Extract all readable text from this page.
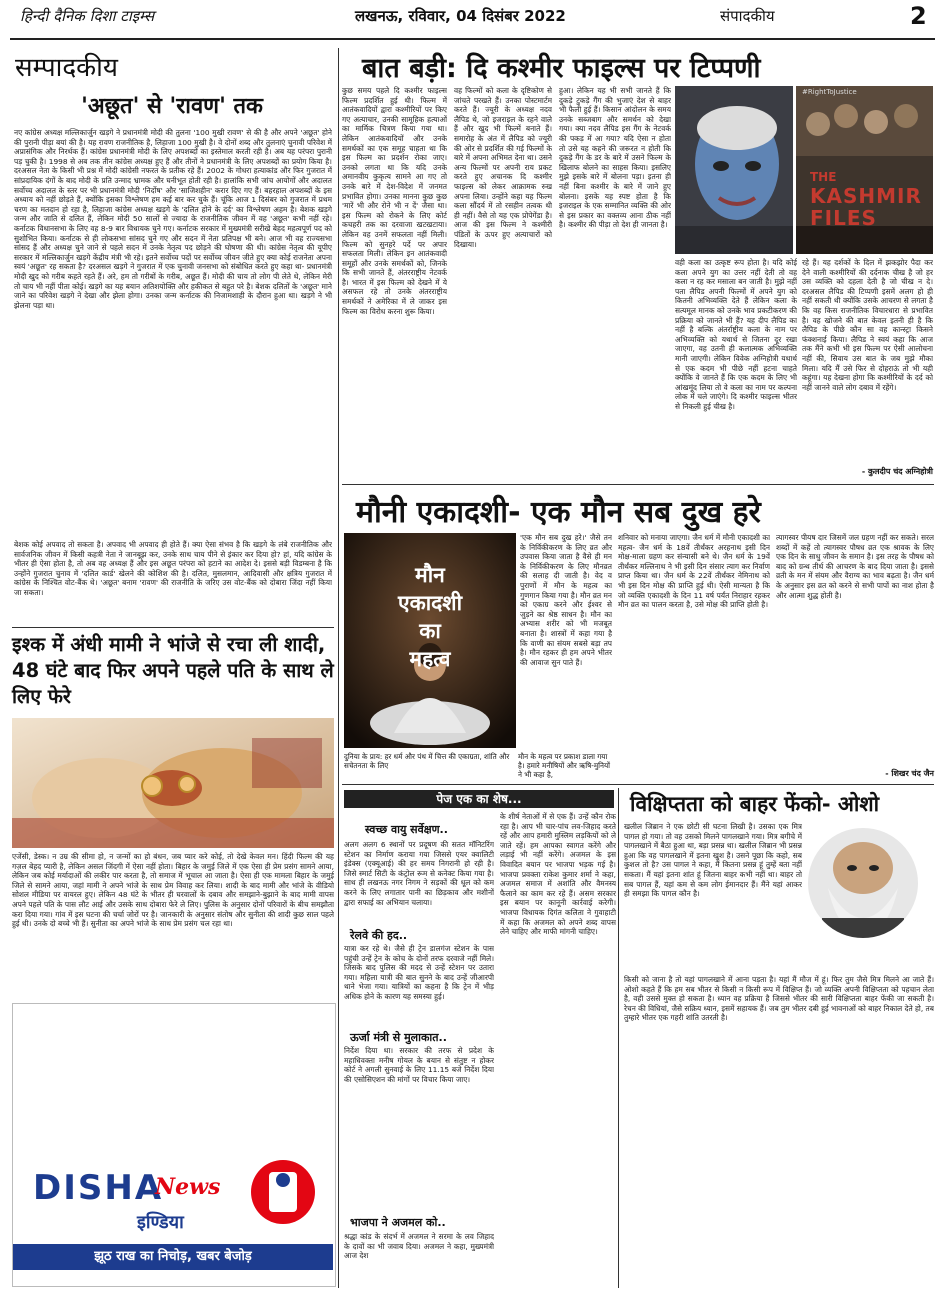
हिन्दी दैनिक दिशा टाइम्स	लखनऊ, रविवार, 04 दिसंबर 2022	संपादकीय	2
सम्पादकीय
'अछूत' से 'रावण' तक
नए कांग्रेस अध्यक्ष मल्लिकार्जुन खड़गे ने प्रधानमंत्री मोदी की तुलना '100 मुखी रावण' से की है और अपने 'अछूत' होने की पुरानी पीड़ा बयां की है। यह रावण राजनीतिक है, लिहाजा 100 मुखी है। वे दोनों शब्द और तुलनाएं चुनावी परिवेश में अप्रासंगिक और निरर्थक हैं। कांग्रेस प्रधानमंत्री मोदी के लिए अपशब्दों का इस्तेमाल करती रही है। अब यह परंपरा पुरानी पड़ चुकी है। 1998 से अब तक तीन कांग्रेस अध्यक्ष हुए हैं और तीनों ने प्रधानमंत्री के लिए अपशब्दों का प्रयोग किया है। दरअसल नेता के किसी भी प्रश्न में मोदी कांग्रेसी नफरत के प्रतीक रहे हैं। 2002 के गोधरा हत्याकांड और फिर गुजरात में सांप्रदायिक दंगों के बाद मोदी के प्रति उन्माद भ्रामक और घनीभूत होती रही है। हालांकि सभी जांच आयोगों और अदालत सर्वोच्च अदालत के स्तर पर भी प्रधानमंत्री मोदी 'निर्दोष' और 'साजिशहीन' करार दिए गए हैं। बहरहाल अपशब्दों के इस अध्याय को नहीं छोड़ते हैं, क्योंकि इसका विश्लेषण हम कई बार कर चुके हैं। चूंकि आज 1 दिसंबर को गुजरात में प्रथम चरण का मतदान हो रहा है, लिहाजा कांग्रेस अध्यक्ष खड़गे के 'दलित होने के दर्द' का विश्लेषण अहम है। बेशक खड़गे जन्म और जाति से दलित हैं, लेकिन मोदी 50 सालों से ज्यादा के राजनीतिक जीवन में वह 'अछूत' कभी नहीं रहे। कर्नाटक विधानसभा के लिए वह 8-9 बार विधायक चुने गए। कर्नाटक सरकार में मुख्यमंत्री सरीखे बेहद महत्वपूर्ण पद को सुशोभित किया। कर्नाटक से ही लोकसभा सांसद चुने गए और सदन में नेता प्रतिपक्ष भी बने। आज भी वह राज्यसभा सांसद हैं और अध्यक्ष चुने जाने से पहले सदन में उनके नेतृत्व पद छोड़ने की घोषणा की थी। कांग्रेस नेतृत्व की यूपीए सरकार में मल्लिकार्जुन खड़गे केंद्रीय मंत्री भी रहे। इतने सर्वोच्च पदों पर सर्वोच्च जीवन जीते हुए क्या कोई राजनेता अपना स्वयं 'अछूत' रह सकता है? दरअसल खड़गे ने गुजरात में एक चुनावी जनसभा को संबोधित करते हुए कहा था- प्रधानमंत्री मोदी खुद को गरीब कहते रहते हैं। अरे, हम तो गरीबों के गरीब, अछूत हैं। मोदी की चाय तो लोग पी लेते थे, लेकिन मेरी तो चाय भी नहीं पीता कोई। खड़गे का यह बयान अतिशयोक्ति और हकीकत से बहुत परे है। बेशक दलितों के 'अछूत' माने जाने का परिवेश खड़गे ने देखा और झेला होगा। उनका जन्म कर्नाटक की निजामशाही के दौरान हुआ था। खड़गे ने भी झेलना पड़ा था।
बेशक कोई अपवाद तो सकता है। अपवाद भी अपवाद ही होते हैं। क्या ऐसा संभव है कि खड़गे के लंबे राजनीतिक और सार्वजनिक जीवन में किसी कहत्री नेता ने जानबूझ कर, उनके साथ चाय पीने से इंकार कर दिया हो? हां, यदि कांग्रेस के भीतर ही ऐसा होता है, तो अब वह अध्यक्ष हैं और इस अछूत परंपरा को हटाने का आदेश दे। इससे बड़ी विडम्बना है कि उन्होंने गुजरात चुनाव में 'दलित कार्ड' खेलने की कोशिश की है। दलित, मुसलमान, आदिवासी और क्षत्रिय गुजरात में कांग्रेस के निश्चित वोट-बैंक थे। 'अछूत' बनाम 'रावण' की राजनीति के जरिए उस वोट-बैंक को दोबारा जिंदा नहीं किया जा सकता।
इश्क में अंधी मामी ने भांजे से रचा ली शादी, 48 घंटे बाद फिर अपने पहले पति के साथ ले लिए फेरे
एजेंसी, डेस्क। न उम्र की सीमा हो, न जन्मों का हो बंधन, जब प्यार करे कोई, तो देखे केवल मन। हिंदी फिल्म की यह गज़ल बेहद प्यारी है, लेकिन असल जिंदगी में ऐसा नहीं होता। बिहार के जमुई जिले में एक ऐसा ही प्रेम प्रसंग सामने आया, लेकिन जब कोई मर्यादाओं की लकीर पार करता है, तो समाज में भूचाल आ जाता है। ऐसा ही एक मामला बिहार के जमुई जिले से सामने आया, जहां मामी ने अपने भांजे के साथ प्रेम विवाह कर लिया। शादी के बाद मामी और भांजे के वीडियो सोशल मीडिया पर वायरल हुए। लेकिन 48 घंटे के भीतर ही घरवालों के दबाव और समझाने-बुझाने के बाद मामी वापस अपने पहले पति के पास लौट आई और उसके साथ दोबारा फेरे ले लिए। पुलिस के अनुसार दोनों परिवारों के बीच समझौता करा दिया गया। गांव में इस घटना की चर्चा जोरों पर है। जानकारी के अनुसार संतोष और सुनीता की शादी कुछ साल पहले हुई थी। उनके दो बच्चे भी हैं। सुनीता का अपने भांजे के साथ प्रेम प्रसंग चल रहा था।
DISHA
News
इण्डिया
झूठ राख का निचोड़, खबर बेजोड़
बात बड़ी: दि कश्मीर फाइल्स पर टिप्पणी
कुछ समय पहले दि कश्मीर फाइल्स फिल्म प्रदर्शित हुई थी। फिल्म में आतंकवादियों द्वारा कश्मीरियों पर किए गए अत्याचार, उनकी सामूहिक हत्याओं का मार्मिक चित्रण किया गया था। लेकिन आतंकवादियों और उनके समर्थकों का एक समूह चाहता था कि इस फिल्म का प्रदर्शन रोका जाए। उनको लगता था कि यदि उनके अमानवीय कुकृत्य सामने आ गए तो उनके बारे में देश-विदेश में जनमत प्रभावित होगा। उनका मानना कुछ कुछ 'मारें भी और रोने भी न दें' जैसा था। इस फिल्म को रोकने के लिए कोर्ट कचहरी तक का दरवाजा खटखटाया। लेकिन वह उनमें सफलता नहीं मिली। फिल्म को सुनहरे पर्दे पर अपार सफलता मिली। लेकिन इन आतंकवादी समूहों और उनके समर्थकों को, जिनके कि सभी जानते हैं, अंतरराष्ट्रीय नेटवर्क है। भारत में इस फिल्म को देखने में ये असफल रहे तो उनके अंतरराष्ट्रीय समर्थकों ने अमेरिका में ले जाकर इस फिल्म का विरोध करना शुरू किया।
वह फिल्मों को कला के दृष्टिकोण से जांचते परखते हैं। उनका पोस्टमार्टम करते हैं। ज्यूरी के अध्यक्ष नदव लैपिड थे, जो इजराइल के रहने वाले हैं और खुद भी फिल्में बनाते हैं। समारोह के अंत में लैपिड को ज्यूरी की ओर से प्रदर्शित की गई फिल्मों के बारे में अपना अभिमत देना था। उसने अन्य फिल्मों पर अपनी राय प्रकट करते हुए अचानक दि कश्मीर फाइल्स को लेकर आक्रामक रुख अपना लिया। उन्होंने कहा यह फिल्म कला सौंदर्य में तो रसहीन तत्वक थी ही नहीं। वैसे तो यह एक प्रोपेगेंडा है। आज की इस फिल्म ने कश्मीरी पंडितों के ऊपर हुए अत्याचारों को दिखाया।
हुआ। लेकिन यह भी सभी जानते हैं कि दुकड़े टुकड़े गैंग की भुजाएं देश से बाहर भी फैली हुई हैं। किसान आंदोलन के समय उनके सब्जबाग और समर्थन को देखा गया। क्या नदव लैपिड इस गैंग के नेटवर्क की पकड़ में आ गया? यदि ऐसा न होता तो उसे यह कहने की जरूरत न होती कि दुकड़े गैंग के डर के बारे में उसने फिल्म के खिलाफ बोलने का साहस किया। इसलिए मुझे इसके बारे में बोलना पड़ा। इतना ही नहीं बिना कश्मीर के बारे में जाने हुए बोलना। इसके यह स्पष्ट होता है कि इजराइल के एक सम्मानित व्यक्ति की ओर से इस प्रकार का वक्तव्य आना ठीक नहीं है। कश्मीर की पीड़ा तो देश ही जानता है।
#RightToJustice
THE
KASHMIR
FILES
वही कला का उत्कृष्ट रूप होता है। यदि कोई कला अपने युग का उत्तर नहीं देती तो वह कला न रह कर मसाला बन जाती है। मुझे नहीं पता लैपिड अपनी फिल्मों में अपने युग को कितनी अभिव्यक्ति देते हैं लेकिन कला के सत्यमूल मानक को उनके भाव प्रकटीकरण की प्रक्रिया को जानते भी हैं? यह दीप लैपिड का नहीं है बल्कि अंतर्राष्ट्रीय कला के नाम पर अभिव्यक्ति को यथार्थ से जितना दूर रखा जाएगा, वह उतनी ही कलात्मक अभिव्यक्ति मानी जाएगी। लेकिन विवेक अग्निहोत्री यथार्थ से एक कदम भी पीछे नहीं हटना चाहते क्योंकि वे जानते हैं कि एक कदम के लिए भी आंखमूंद लिया तो वे कला का नाम पर कल्पना लोक में चले जाएंगे। दि कश्मीर फाइल्स भीतर से निकली हुई चीख है।
रहे हैं। यह दर्शकों के दिल में झकझोर पैदा कर देने वाली कश्मीरियों की दर्दनाक चीख है जो हर उस व्यक्ति को दहला देती है जो चीख न दे। दरअसल लैपिड की टिप्पणी इसमें अलग हो ही नहीं सकती थी क्योंकि उसके आचरण से लगता है कि वह किस राजनीतिक विचारधारा से प्रभावित है। वह खोजने की बात केवल इतनी ही है कि लैपिड के पीछे कौन सा वह कान्स्ट्रा किसने फंक्शनाई किया। लैपिड ने स्वयं कहा कि आज तक मैंने कभी भी इस फिल्म पर ऐसी आलोचना नहीं की, सिवाय उस बात के जब मुझे मौका मिला। यदि मैं उसे फिर से दोहराऊं तो भी यही कहूंगा। यह देखना होगा कि कश्मीरियों के दर्द को नहीं जानने वाले लोग दबाव में रहेंगे।
- कुलदीप चंद अग्निहोत्री
मौनी एकादशी- एक मौन सब दुख हरे
मौन
एकादशी
का
महत्व
दुनिया के प्राय: हर धर्म और पंथ में चित्त की एकाग्रता, शांति और सचेतनता के लिए
मौन के महत्व पर प्रकाश डाला गया है। हमारे मनीषियों और ऋषि-मुनियों ने भी कहा है,
'एक मौन सब दुख हरे।' जैसे तन के निर्विकीकरण के लिए व्रत और उपवास किया जाता है वैसे ही मन के निर्विकीकरण के लिए मौनव्रत की सलाह दी जाती है। वेद व पुराणों में मौन के महत्व का गुणगान किया गया है। मौन व्रत मन को एकाग्र करने और ईश्वर से जुड़ने का श्रेष्ठ साधन है। मौन का अभ्यास शरीर को भी मजबूत बनाता है। शास्त्रों में कहा गया है कि वाणी का संयम सबसे बड़ा तप है। मौन रहकर ही हम अपने भीतर की आवाज सुन पाते हैं।
शनिवार को मनाया जाएगा। जैन धर्म में मौनी एकादशी का महत्व- जैन धर्म के 18वें तीर्थंकर अरहनाथ इसी दिन मोक्ष-माला ग्रहण कर संन्यासी बने थे। जैन धर्म के 19वें तीर्थंकर मल्लिनाथ ने भी इसी दिन संसार त्याग कर निर्वाण प्राप्त किया था। जैन धर्म के 22वें तीर्थंकर नेमिनाथ को भी इस दिन मोक्ष की प्राप्ति हुई थी। ऐसी मान्यता है कि जो व्यक्ति एकादशी के दिन 11 वर्ष पर्यंत निराहार रहकर मौन व्रत का पालन करता है, उसे मोक्ष की प्राप्ति होती है।
त्यागस्वर पीयष दार जिसमें जल ग्रहण नहीं कर सकते। सरल शब्दों में कहें तो त्यागस्वर पौषध व्रत एक श्रावक के लिए एक दिन के साधु जीवन के समान है। इस तरह के पौषध को बाद को ग्रन्थ तीर्थ की आचरण के बाद दिया जाता है। इससे व्रती के मन में संयम और वैराग्य का भाव बढ़ता है। जैन धर्म के अनुसार इस व्रत को करने से सभी पापों का नाश होता है और आत्मा शुद्ध होती है।
- शिखर चंद जैन
पेज एक का शेष...
स्वच्छ वायु सर्वेक्षण..
अलग अलग 6 स्थानों पर प्रदूषण की सतत मॉनिटरिंग स्टेशन का निर्माण कराया गया जिससे एयर क्वालिटी इंडेक्स (एक्यूआई) की हर समय निगरानी हो रही है। जिसे स्मार्ट सिटी के कंट्रोल रूम से कनेक्ट किया गया है। साथ ही लखनऊ नगर निगम ने सड़कों की धूल को कम करने के लिए लगातार पानी का छिड़काव और मशीनों द्वारा सफाई का अभियान चलाया।
रेलवे की हद..
यात्रा कर रहे थे। जैसे ही ट्रेन डालगंज स्टेशन के पास पहुंची उन्हें ट्रेन के कोच के दोनों तरफ दरवाजे नहीं मिले। जिसके बाद पुलिस की मदद से उन्हें स्टेशन पर उतारा गया। महिला यात्री की बात सुनने के बाद उन्हें जीआरपी थाने भेजा गया। यात्रियों का कहना है कि ट्रेन में भीड़ अधिक होने के कारण यह समस्या हुई।
ऊर्जा मंत्री से मुलाकात..
निर्देश दिया था। सरकार की तरफ से प्रदेश के महाधिवक्ता मनीष गोयल के बयान से संतुष्ट न होकर कोर्ट ने अगली सुनवाई के लिए 11.15 बजे निर्देश दिया की एसोसिएशन की मांगों पर विचार किया जाए।
भाजपा ने अजमल को..
श्रद्धा कांड के संदर्भ में अजमल ने सरमा के लव जिहाद के दावों का भी जवाब दिया। अजमल ने कहा, मुख्यमंत्री आज देश
के शीर्ष नेताओं में से एक हैं। उन्हें कौन रोक रहा है। आप भी चार-पांच लव-जिहाद करते रहें और आप हमारी मुस्लिम लड़कियों को ले जाते रहें। हम आपका स्वागत करेंगे और लड़ाई भी नहीं करेंगे। अजमल के इस विवादित बयान पर भाजपा भड़क गई है। भाजपा प्रवक्ता राकेश कुमार शर्मा ने कहा, अजमल समाज में अशांति और वैमनस्य फैलाने का काम कर रहे हैं। असम सरकार इस बयान पर कानूनी कार्रवाई करेगी। भाजपा विधायक दिगंत कलिता ने गुवाहाटी में कहा कि अजमल को अपने शब्द वापस लेने चाहिए और माफी मांगनी चाहिए।
विक्षिप्तता को बाहर फेंको- ओशो
खलील जिब्रान ने एक छोटी सी घटना लिखी है। उसका एक मित्र पागल हो गया। तो वह उसको मिलने पागलखाने गया। मित्र बगीचे में पागलखाने में बैठा हुआ था, बड़ा प्रसन्न था। खलील जिब्रान भी प्रसन्न हुआ कि वह पागलखाने में इतना खुश है। उसने पूछा कि कहो, सब कुशल तो है? उस पागल ने कहा, मैं कितना प्रसन्न हूं तुम्हें बता नहीं सकता। मैं यहां इतना शांत हूं जितना बाहर कभी नहीं था। बाहर तो सब पागल हैं, यहां कम से कम लोग ईमानदार हैं। मैंने यहां आकर ही समझा कि पागल कौन है।
किसी को जाना है तो यहां पागलखाने में आना पड़ता है। यहां मैं मौज में हूं। फिर तुम जैसे मित्र मिलने आ जाते हैं। ओशो कहते हैं कि हम सब भीतर से किसी न किसी रूप में विक्षिप्त हैं। जो व्यक्ति अपनी विक्षिप्तता को पहचान लेता है, वही उससे मुक्त हो सकता है। ध्यान वह प्रक्रिया है जिससे भीतर की सारी विक्षिप्तता बाहर फेंकी जा सकती है। रेचन की विधियां, जैसे सक्रिय ध्यान, इसमें सहायक हैं। जब तुम भीतर दबी हुई भावनाओं को बाहर निकाल देते हो, तब तुम्हारे भीतर एक गहरी शांति उतरती है।
